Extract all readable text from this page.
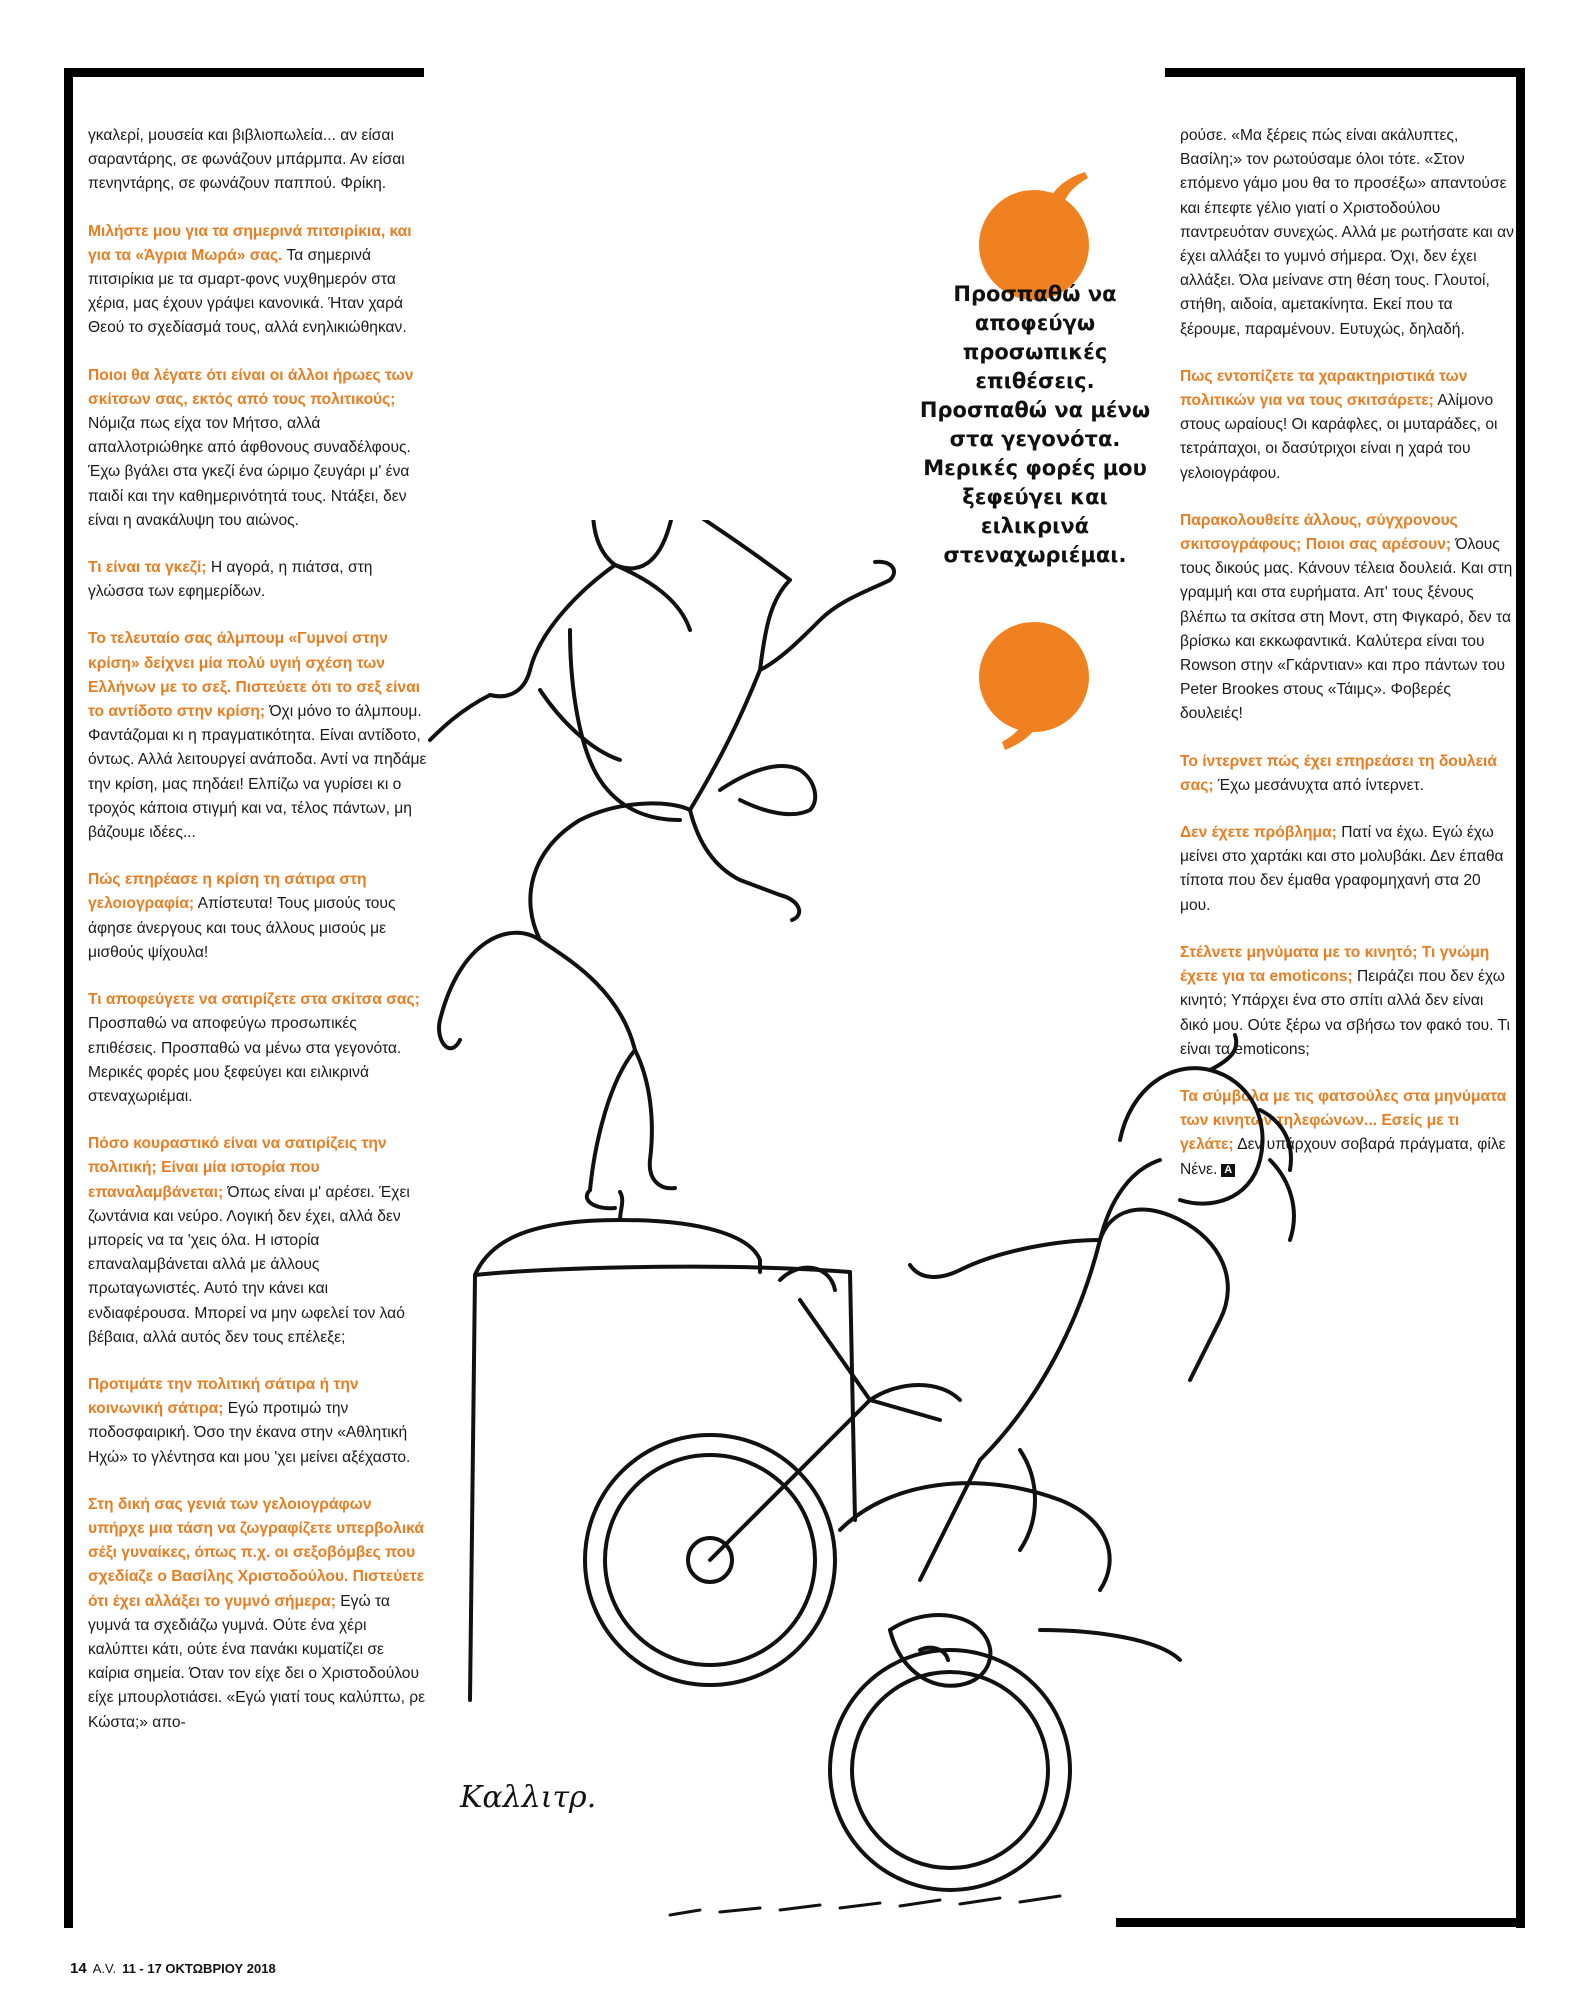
γκαλερί, μουσεία και βιβλιοπωλεία... αν είσαι σαραντάρης, σε φωνάζουν μπάρμπα. Αν είσαι πενηντάρης, σε φωνάζουν παππού. Φρίκη.

Μιλήστε μου για τα σημερινά πιτσιρίκια, και για τα «Άγρια Μωρά» σας. Τα σημερινά πιτσιρίκια με τα σμαρτ-φονς νυχθημερόν στα χέρια, μας έχουν γράψει κανονικά. Ήταν χαρά Θεού το σχεδίασμά τους, αλλά ενηλικιώθηκαν.

Ποιοι θα λέγατε ότι είναι οι άλλοι ήρωες των σκίτσων σας, εκτός από τους πολιτικούς;
Νόμιζα πως είχα τον Μήτσο, αλλά απαλλοτριώθηκε από άφθονους συναδέλφους. Έχω βγάλει στα γκεζί ένα ώριμο ζευγάρι μ' ένα παιδί και την καθημερινότητά τους. Ντάξει, δεν είναι η ανακάλυψη του αιώνος.

Τι είναι τα γκεζί; Η αγορά, η πιάτσα, στη γλώσσα των εφημερίδων.

Το τελευταίο σας άλμπουμ «Γυμνοί στην κρίση» δείχνει μία πολύ υγιή σχέση των Ελλήνων με το σεξ. Πιστεύετε ότι το σεξ είναι το αντίδοτο στην κρίση; Όχι μόνο το άλμπουμ. Φαντάζομαι κι η πραγματικότητα. Είναι αντίδοτο, όντως. Αλλά λειτουργεί ανάποδα. Αντί να πηδάμε την κρίση, μας πηδάει! Ελπίζω να γυρίσει κι ο τροχός κάποια στιγμή και να, τέλος πάντων, μη βάζουμε ιδέες...

Πώς επηρέασε η κρίση τη σάτιρα στη γελοιογραφία; Απίστευτα! Τους μισούς τους άφησε άνεργους και τους άλλους μισούς με μισθούς ψίχουλα!

Τι αποφεύγετε να σατιρίζετε στα σκίτσα σας; Προσπαθώ να αποφεύγω προσωπικές επιθέσεις. Προσπαθώ να μένω στα γεγονότα. Μερικές φορές μου ξεφεύγει και ειλικρινά στεναχωριέμαι.

Πόσο κουραστικό είναι να σατιρίζεις την πολιτική; Είναι μία ιστορία που επαναλαμβάνεται; Όπως είναι μ' αρέσει. Έχει ζωντάνια και νεύρο. Λογική δεν έχει, αλλά δεν μπορείς να τα 'χεις όλα. Η ιστορία επαναλαμβάνεται αλλά με άλλους πρωταγωνιστές. Αυτό την κάνει και ενδιαφέρουσα. Μπορεί να μην ωφελεί τον λαό βέβαια, αλλά αυτός δεν τους επέλεξε;

Προτιμάτε την πολιτική σάτιρα ή την κοινωνική σάτιρα; Εγώ προτιμώ την ποδοσφαιρική. Όσο την έκανα στην «Αθλητική Ηχώ» το γλέντησα και μου 'χει μείνει αξέχαστο.

Στη δική σας γενιά των γελοιογράφων υπήρχε μια τάση να ζωγραφίζετε υπερβολικά σέξι γυναίκες, όπως π.χ. οι σεξοβόμβες που σχεδίαζε ο Βασίλης Χριστοδούλου. Πιστεύετε ότι έχει αλλάξει το γυμνό σήμερα; Εγώ τα γυμνά τα σχεδιάζω γυμνά. Ούτε ένα χέρι καλύπτει κάτι, ούτε ένα πανάκι κυματίζει σε καίρια σημεία. Όταν τον είχε δει ο Χριστοδούλου είχε μπουρλοτιάσει. «Εγώ γιατί τους καλύπτω, ρε Κώστα;» απο-

Προσπαθώ να αποφεύγω προσωπικές επιθέσεις. Προσπαθώ να μένω στα γεγονότα. Μερικές φορές μου ξεφεύγει και ειλικρινά στεναχωριέμαι.

ρούσε. «Μα ξέρεις πώς είναι ακάλυπτες, Βασίλη;» τον ρωτούσαμε όλοι τότε. «Στον επόμενο γάμο μου θα το προσέξω» απαντούσε και έπεφτε γέλιο γιατί ο Χριστοδούλου παντρευόταν συνεχώς. Αλλά με ρωτήσατε και αν έχει αλλάξει το γυμνό σήμερα. Όχι, δεν έχει αλλάξει. Όλα μείνανε στη θέση τους. Γλουτοί, στήθη, αιδοία, αμετακίνητα. Εκεί που τα ξέρουμε, παραμένουν. Ευτυχώς, δηλαδή.

Πως εντοπίζετε τα χαρακτηριστικά των πολιτικών για να τους σκιτσάρετε; Αλίμονο στους ωραίους! Οι καράφλες, οι μυταράδες, οι τετράπαχοι, οι δασύτριχοι είναι η χαρά του γελοιογράφου.

Παρακολουθείτε άλλους, σύγχρονους σκιτσογράφους; Ποιοι σας αρέσουν; Όλους τους δικούς μας. Κάνουν τέλεια δουλειά. Και στη γραμμή και στα ευρήματα. Απ' τους ξένους βλέπω τα σκίτσα στη Μοντ, στη Φιγκαρό, δεν τα βρίσκω και εκκωφαντικά. Καλύτερα είναι του Rowson στην «Γκάρντιαν» και προ πάντων του Peter Brookes στους «Τάιμς». Φοβερές δουλειές!

Το ίντερνετ πώς έχει επηρεάσει τη δουλειά σας; Έχω μεσάνυχτα από ίντερνετ.

Δεν έχετε πρόβλημα; Πατί να έχω. Εγώ έχω μείνει στο χαρτάκι και στο μολυβάκι. Δεν έπαθα τίποτα που δεν έμαθα γραφομηχανή στα 20 μου.

Στέλνετε μηνύματα με το κινητό; Τι γνώμη έχετε για τα emoticons; Πειράζει που δεν έχω κινητό; Υπάρχει ένα στο σπίτι αλλά δεν είναι δικό μου. Ούτε ξέρω να σβήσω τον φακό του. Τι είναι τα emoticons;

Τα σύμβολα με τις φατσούλες στα μηνύματα των κινητών τηλεφώνων... Εσείς με τι γελάτε; Δεν υπάρχουν σοβαρά πράγματα, φίλε Νένε. A

Καλλιτρ.
14 A.V. 11 - 17 ΟΚΤΩΒΡΙΟΥ 2018
